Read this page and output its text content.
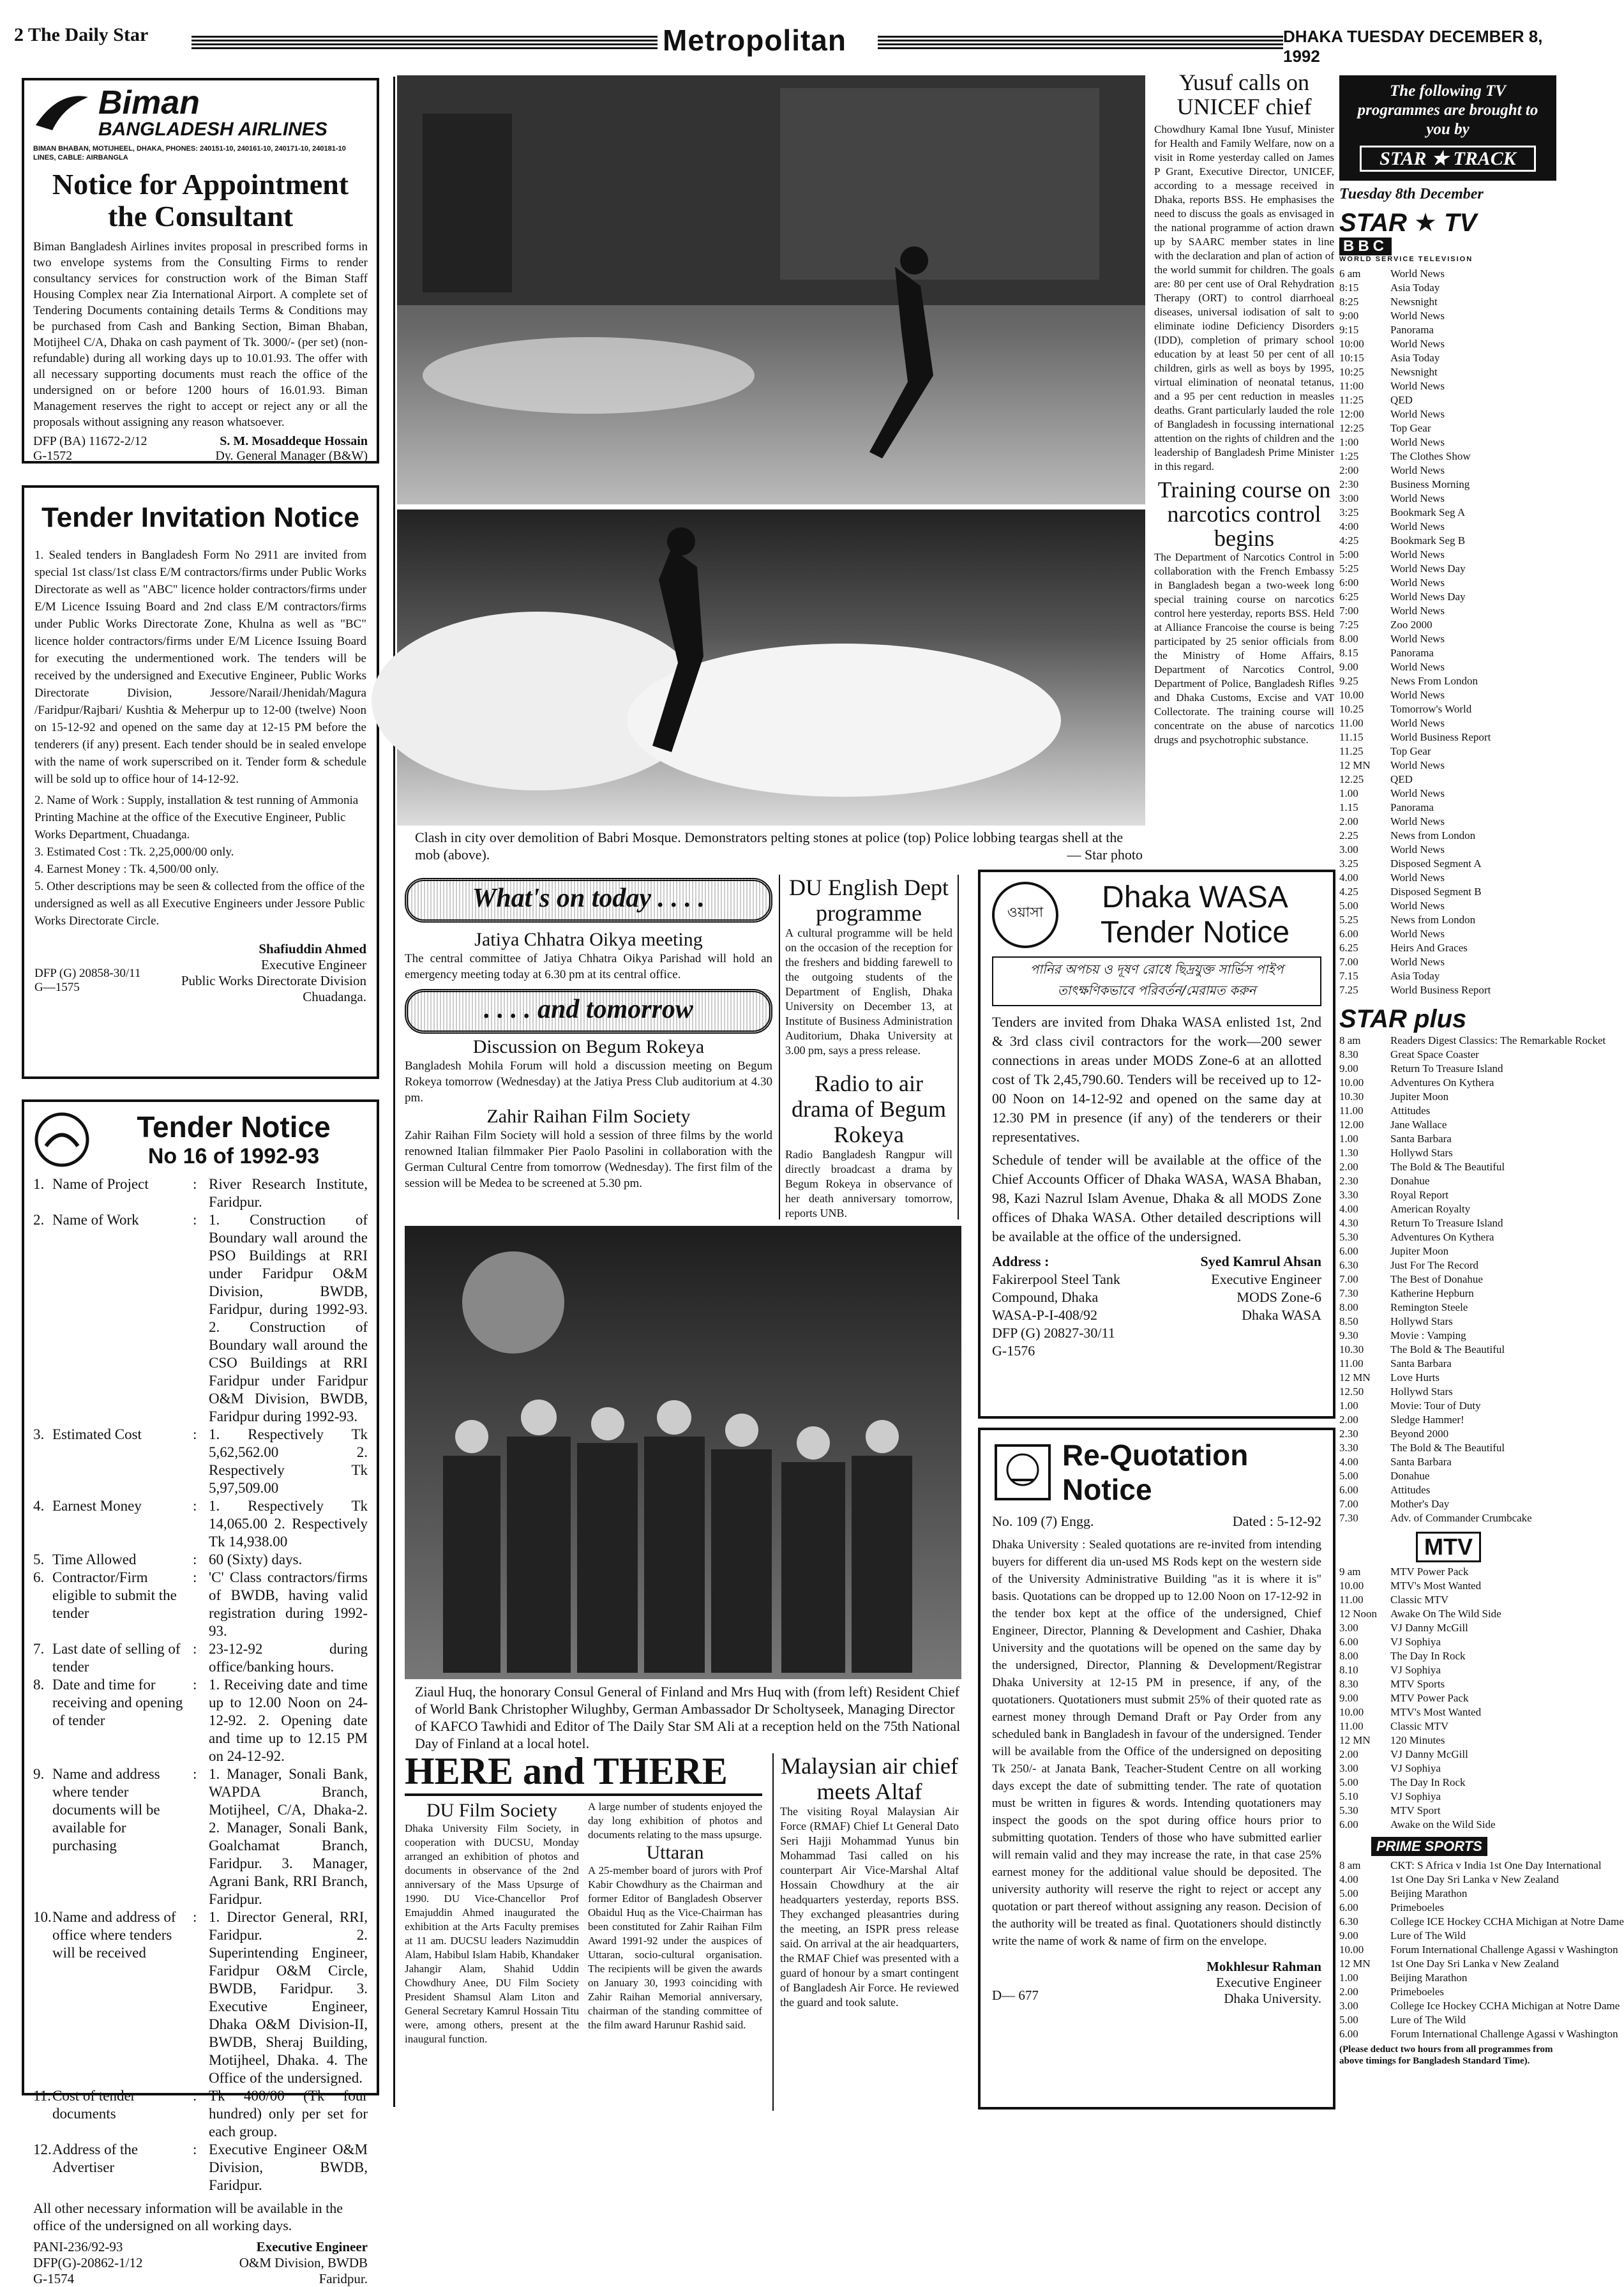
2 The Daily Star	Metropolitan	DHAKA TUESDAY DECEMBER 8, 1992
Biman
BANGLADESH AIRLINES
BIMAN BHABAN, MOTIJHEEL, DHAKA, PHONES: 240151-10, 240161-10, 240171-10, 240181-10 LINES, CABLE: AIRBANGLA
Notice for Appointment the Consultant
Biman Bangladesh Airlines invites proposal in prescribed forms in two envelope systems from the Consulting Firms to render consultancy services for construction work of the Biman Staff Housing Complex near Zia International Airport. A complete set of Tendering Documents containing details Terms & Conditions may be purchased from Cash and Banking Section, Biman Bhaban, Motijheel C/A, Dhaka on cash payment of Tk. 3000/- (per set) (non-refundable) during all working days up to 10.01.93. The offer with all necessary supporting documents must reach the office of the undersigned on or before 1200 hours of 16.01.93. Biman Management reserves the right to accept or reject any or all the proposals without assigning any reason whatsoever.
DFP (BA) 11672-2/12	S. M. Mosaddeque Hossain
G-1572	Dy. General Manager (B&W)
Tender Invitation Notice
1. Sealed tenders in Bangladesh Form No 2911 are invited from special 1st class/1st class E/M contractors/firms under Public Works Directorate as well as "ABC" licence holder contractors/firms under E/M Licence Issuing Board and 2nd class E/M contractors/firms under Public Works Directorate Zone, Khulna as well as "BC" licence holder contractors/firms under E/M Licence Issuing Board for executing the undermentioned work. The tenders will be received by the undersigned and Executive Engineer, Public Works Directorate Division, Jessore/Narail/Jhenidah/Magura /Faridpur/Rajbari/ Kushtia & Meherpur up to 12-00 (twelve) Noon on 15-12-92 and opened on the same day at 12-15 PM before the tenderers (if any) present. Each tender should be in sealed envelope with the name of work superscribed on it. Tender form & schedule will be sold up to office hour of 14-12-92.
2. Name of Work : Supply, installation & test running of Ammonia Printing Machine at the office of the Executive Engineer, Public Works Department, Chuadanga.
3. Estimated Cost : Tk. 2,25,000/00 only.
4. Earnest Money : Tk. 4,500/00 only.
5. Other descriptions may be seen & collected from the office of the undersigned as well as all Executive Engineers under Jessore Public Works Directorate Circle.
Shafiuddin Ahmed
Executive Engineer
Public Works Directorate Division
Chuadanga.
DFP (G) 20858-30/11
G—1575
Tender Notice
No 16 of 1992-93
1. Name of Project	: River Research Institute, Faridpur.
2. Name of Work	: 1. Construction of Boundary wall around the PSO Buildings at RRI under Faridpur O&M Division, BWDB, Faridpur, during 1992-93. 2. Construction of Boundary wall around the CSO Buildings at RRI Faridpur under Faridpur O&M Division, BWDB, Faridpur during 1992-93.
3. Estimated Cost	: 1. Respectively Tk 5,62,562.00 2. Respectively Tk 5,97,509.00
4. Earnest Money	: 1. Respectively Tk 14,065.00 2. Respectively Tk 14,938.00
5. Time Allowed	: 60 (Sixty) days.
6. Contractor/Firm eligible to submit the tender
: 'C' Class contractors/firms of BWDB, having valid registration during 1992-93.
7. Last date of selling of tender
: 23-12-92 during office/banking hours.
8. Date and time for receiving and opening of tender
: 1. Receiving date and time up to 12.00 Noon on 24-12-92. 2. Opening date and time up to 12.15 PM on 24-12-92.
9. Name and address where tender documents will be available for purchasing
: 1. Manager, Sonali Bank, WAPDA Branch, Motijheel, C/A, Dhaka-2. 2. Manager, Sonali Bank, Goalchamat Branch, Faridpur. 3. Manager, Agrani Bank, RRI Branch, Faridpur.
10. Name and address of office where tenders will be received
: 1. Director General, RRI, Faridpur. 2. Superintending Engineer, Faridpur O&M Circle, BWDB, Faridpur. 3. Executive Engineer, Dhaka O&M Division-II, BWDB, Sheraj Building, Motijheel, Dhaka. 4. The Office of the undersigned.
11. Cost of tender documents
: Tk 400/00 (Tk four hundred) only per set for each group.
12. Address of the Advertiser
: Executive Engineer O&M Division, BWDB, Faridpur.
All other necessary information will be available in the office of the undersigned on all working days.
PANI-236/92-93
DFP(G)-20862-1/12
G-1574
Executive Engineer
O&M Division, BWDB
Faridpur.
Clash in city over demolition of Babri Mosque. Demonstrators pelting stones at police (top) Police lobbing teargas shell at the mob (above).	— Star photo
Yusuf calls on UNICEF chief
Chowdhury Kamal Ibne Yusuf, Minister for Health and Family Welfare, now on a visit in Rome yesterday called on James P Grant, Executive Director, UNICEF, according to a message received in Dhaka, reports BSS. He emphasises the need to discuss the goals as envisaged in the national programme of action drawn up by SAARC member states in line with the declaration and plan of action of the world summit for children. The goals are: 80 per cent use of Oral Rehydration Therapy (ORT) to control diarrhoeal diseases, universal iodisation of salt to eliminate iodine Deficiency Disorders (IDD), completion of primary school education by at least 50 per cent of all children, girls as well as boys by 1995, virtual elimination of neonatal tetanus, and a 95 per cent reduction in measles deaths. Grant particularly lauded the role of Bangladesh in focussing international attention on the rights of children and the leadership of Bangladesh Prime Minister in this regard.
Training course on narcotics control begins
The Department of Narcotics Control in collaboration with the French Embassy in Bangladesh began a two-week long special training course on narcotics control here yesterday, reports BSS. Held at Alliance Francoise the course is being participated by 25 senior officials from the Ministry of Home Affairs, Department of Narcotics Control, Department of Police, Bangladesh Rifles and Dhaka Customs, Excise and VAT Collectorate. The training course will concentrate on the abuse of narcotics drugs and psychotrophic substance.
What's on today . . . .
Jatiya Chhatra Oikya meeting
The central committee of Jatiya Chhatra Oikya Parishad will hold an emergency meeting today at 6.30 pm at its central office.
. . . . and tomorrow
Discussion on Begum Rokeya
Bangladesh Mohila Forum will hold a discussion meeting on Begum Rokeya tomorrow (Wednesday) at the Jatiya Press Club auditorium at 4.30 pm.
Zahir Raihan Film Society
Zahir Raihan Film Society will hold a session of three films by the world renowned Italian filmmaker Pier Paolo Pasolini in collaboration with the German Cultural Centre from tomorrow (Wednesday). The first film of the session will be Medea to be screened at 5.30 pm.
DU English Dept programme
A cultural programme will be held on the occasion of the reception for the freshers and bidding farewell to the outgoing students of the Department of English, Dhaka University on December 13, at Institute of Business Administration Auditorium, Dhaka University at 3.00 pm, says a press release.
Radio to air drama of Begum Rokeya
Radio Bangladesh Rangpur will directly broadcast a drama by Begum Rokeya in observance of her death anniversary tomorrow, reports UNB.
Ziaul Huq, the honorary Consul General of Finland and Mrs Huq with (from left) Resident Chief of World Bank Christopher Wilughby, German Ambassador Dr Scholtyseek, Managing Director of KAFCO Tawhidi and Editor of The Daily Star SM Ali at a reception held on the 75th National Day of Finland at a local hotel.
HERE and THERE
DU Film Society
Dhaka University Film Society, in cooperation with DUCSU, Monday arranged an exhibition of photos and documents in observance of the 2nd anniversary of the Mass Upsurge of 1990. DU Vice-Chancellor Prof Emajuddin Ahmed inaugurated the exhibition at the Arts Faculty premises at 11 am. DUCSU leaders Nazimuddin Alam, Habibul Islam Habib, Khandaker Jahangir Alam, Shahid Uddin Chowdhury Anee, DU Film Society President Shamsul Alam Liton and General Secretary Kamrul Hossain Titu were, among others, present at the inaugural function.
A large number of students enjoyed the day long exhibition of photos and documents relating to the mass upsurge.
Uttaran
A 25-member board of jurors with Prof Kabir Chowdhury as the Chairman and former Editor of Bangladesh Observer Obaidul Huq as the Vice-Chairman has been constituted for Zahir Raihan Film Award 1991-92 under the auspices of Uttaran, socio-cultural organisation. The recipients will be given the awards on January 30, 1993 coinciding with Zahir Raihan Memorial anniversary, chairman of the standing committee of the film award Harunur Rashid said.
Malaysian air chief meets Altaf
The visiting Royal Malaysian Air Force (RMAF) Chief Lt General Dato Seri Hajji Mohammad Yunus bin Mohammad Tasi called on his counterpart Air Vice-Marshal Altaf Hossain Chowdhury at the air headquarters yesterday, reports BSS. They exchanged pleasantries during the meeting, an ISPR press release said. On arrival at the air headquarters, the RMAF Chief was presented with a guard of honour by a smart contingent of Bangladesh Air Force. He reviewed the guard and took salute.
ওয়াসা	Dhaka WASA
Tender Notice
পানির অপচয় ও দূষণ রোধে ছিদ্রযুক্ত সার্ভিস পাইপ তাৎক্ষণিকভাবে পরিবর্তন/মেরামত করুন
Tenders are invited from Dhaka WASA enlisted 1st, 2nd & 3rd class civil contractors for the work—200 sewer connections in areas under MODS Zone-6 at an allotted cost of Tk 2,45,790.60. Tenders will be received up to 12-00 Noon on 14-12-92 and opened on the same day at 12.30 PM in presence (if any) of the tenderers or their representatives.
Schedule of tender will be available at the office of the Chief Accounts Officer of Dhaka WASA, WASA Bhaban, 98, Kazi Nazrul Islam Avenue, Dhaka & all MODS Zone offices of Dhaka WASA. Other detailed descriptions will be available at the office of the undersigned.
Address :
Fakirerpool Steel Tank
Compound, Dhaka
WASA-P-I-408/92
DFP (G) 20827-30/11
G-1576
Syed Kamrul Ahsan
Executive Engineer
MODS Zone-6
Dhaka WASA
Re-Quotation Notice
No. 109 (7) Engg.	Dated : 5-12-92
Dhaka University : Sealed quotations are re-invited from intending buyers for different dia un-used MS Rods kept on the western side of the University Administrative Building "as it is where it is" basis. Quotations can be dropped up to 12.00 Noon on 17-12-92 in the tender box kept at the office of the undersigned, Chief Engineer, Director, Planning & Development and Cashier, Dhaka University and the quotations will be opened on the same day by the undersigned, Director, Planning & Development/Registrar Dhaka University at 12-15 PM in presence, if any, of the quotationers. Quotationers must submit 25% of their quoted rate as earnest money through Demand Draft or Pay Order from any scheduled bank in Bangladesh in favour of the undersigned. Tender will be available from the Office of the undersigned on depositing Tk 250/- at Janata Bank, Teacher-Student Centre on all working days except the date of submitting tender. The rate of quotation must be written in figures & words. Intending quotationers may inspect the goods on the spot during office hours prior to submitting quotation. Tenders of those who have submitted earlier will remain valid and they may increase the rate, in that case 25% earnest money for the additional value should be deposited. The university authority will reserve the right to reject or accept any quotation or part thereof without assigning any reason. Decision of the authority will be treated as final. Quotationers should distinctly write the name of work & name of firm on the envelope.
Mokhlesur Rahman
Executive Engineer
Dhaka University.
D— 677
The following TV programmes are brought to you by
STAR ★ TRACK
Tuesday 8th December
STAR ★ TV
BBC
WORLD SERVICE TELEVISION
6 am	World News
8:15	Asia Today
8:25	Newsnight
9:00	World News
9:15	Panorama
10:00	World News
10:15	Asia Today
10:25	Newsnight
11:00	World News
11:25	QED
12:00	World News
12:25	Top Gear
1:00	World News
1:25	The Clothes Show
2:00	World News
2:30	Business Morning
3:00	World News
3:25	Bookmark Seg A
4:00	World News
4:25	Bookmark Seg B
5:00	World News
5:25	World News Day
6:00	World News
6:25	World News Day
7:00	World News
7:25	Zoo 2000
8.00	World News
8.15	Panorama
9.00	World News
9.25	News From London
10.00	World News
10.25	Tomorrow's World
11.00	World News
11.15	World Business Report
11.25	Top Gear
12 MN	World News
12.25	QED
1.00	World News
1.15	Panorama
2.00	World News
2.25	News from London
3.00	World News
3.25	Disposed Segment A
4.00	World News
4.25	Disposed Segment B
5.00	World News
5.25	News from London
6.00	World News
6.25	Heirs And Graces
7.00	World News
7.15	Asia Today
7.25	World Business Report
STAR plus
8 am	Readers Digest Classics: The Remarkable Rocket
8.30	Great Space Coaster
9.00	Return To Treasure Island
10.00	Adventures On Kythera
10.30	Jupiter Moon
11.00	Attitudes
12.00	Jane Wallace
1.00	Santa Barbara
1.30	Hollywd Stars
2.00	The Bold & The Beautiful
2.30	Donahue
3.30	Royal Report
4.00	American Royalty
4.30	Return To Treasure Island
5.30	Adventures On Kythera
6.00	Jupiter Moon
6.30	Just For The Record
7.00	The Best of Donahue
7.30	Katherine Hepburn
8.00	Remington Steele
8.50	Hollywd Stars
9.30	Movie : Vamping
10.30	The Bold & The Beautiful
11.00	Santa Barbara
12 MN	Love Hurts
12.50	Hollywd Stars
1.00	Movie: Tour of Duty
2.00	Sledge Hammer!
2.30	Beyond 2000
3.30	The Bold & The Beautiful
4.00	Santa Barbara
5.00	Donahue
6.00	Attitudes
7.00	Mother's Day
7.30	Adv. of Commander Crumbcake
MTV
9 am	MTV Power Pack
10.00	MTV's Most Wanted
11.00	Classic MTV
12 Noon	Awake On The Wild Side
3.00	VJ Danny McGill
6.00	VJ Sophiya
8.00	The Day In Rock
8.10	VJ Sophiya
8.30	MTV Sports
9.00	MTV Power Pack
10.00	MTV's Most Wanted
11.00	Classic MTV
12 MN	120 Minutes
2.00	VJ Danny McGill
3.00	VJ Sophiya
5.00	The Day In Rock
5.10	VJ Sophiya
5.30	MTV Sport
6.00	Awake on the Wild Side
PRIME SPORTS
8 am	CKT: S Africa v India 1st One Day International
4.00	1st One Day Sri Lanka v New Zealand
5.00	Beijing Marathon
6.00	Primeboeles
6.30	College ICE Hockey CCHA Michigan at Notre Dame
9.00	Lure of The Wild
10.00	Forum International Challenge Agassi v Washington
12 MN	1st One Day Sri Lanka v New Zealand
1.00	Beijing Marathon
2.00	Primeboeles
3.00	College Ice Hockey CCHA Michigan at Notre Dame
5.00	Lure of The Wild
6.00	Forum International Challenge Agassi v Washington
(Please deduct two hours from all programmes from above timings for Bangladesh Standard Time).
